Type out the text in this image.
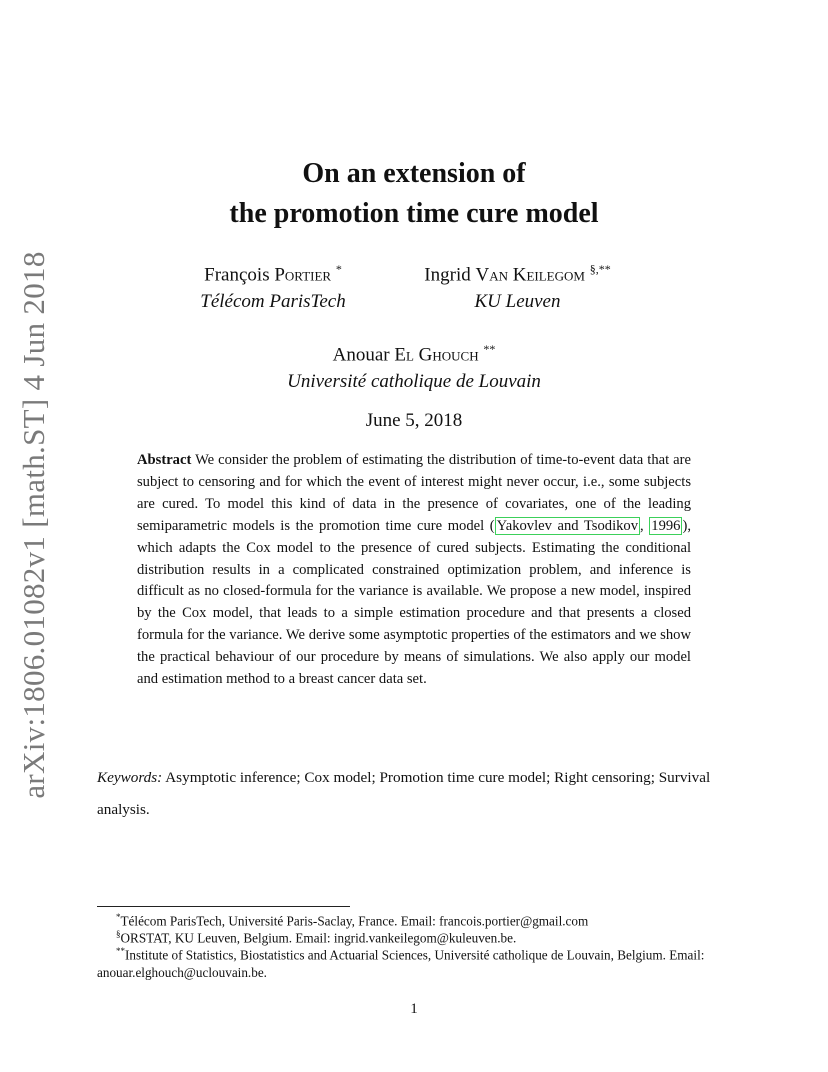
arXiv:1806.01082v1 [math.ST] 4 Jun 2018
On an extension of
the promotion time cure model
François Portier *
Télécom ParisTech
Ingrid Van Keilegom §,**
KU Leuven
Anouar El Ghouch **
Université catholique de Louvain
June 5, 2018

Abstract We consider the problem of estimating the distribution of time-to-event data that are subject to censoring and for which the event of interest might never occur, i.e., some subjects are cured. To model this kind of data in the presence of covariates, one of the leading semiparametric models is the promotion time cure model ( Yakovlev and Tsodikov , 1996 ), which adapts the Cox model to the presence of cured subjects. Estimating the conditional distribution results in a complicated constrained optimization problem, and inference is difficult as no closed-formula for the variance is available. We propose a new model, inspired by the Cox model, that leads to a simple estimation procedure and that presents a closed formula for the variance. We derive some asymptotic properties of the estimators and we show the practical behaviour of our procedure by means of simulations. We also apply our model and estimation method to a breast cancer data set.

Keywords: Asymptotic inference; Cox model; Promotion time cure model; Right censoring; Survival analysis.

*Télécom ParisTech, Université Paris-Saclay, France. Email: francois.portier@gmail.com

§ORSTAT, KU Leuven, Belgium. Email: ingrid.vankeilegom@kuleuven.be.

**Institute of Statistics, Biostatistics and Actuarial Sciences, Université catholique de Louvain, Belgium. Email: anouar.elghouch@uclouvain.be.

1
